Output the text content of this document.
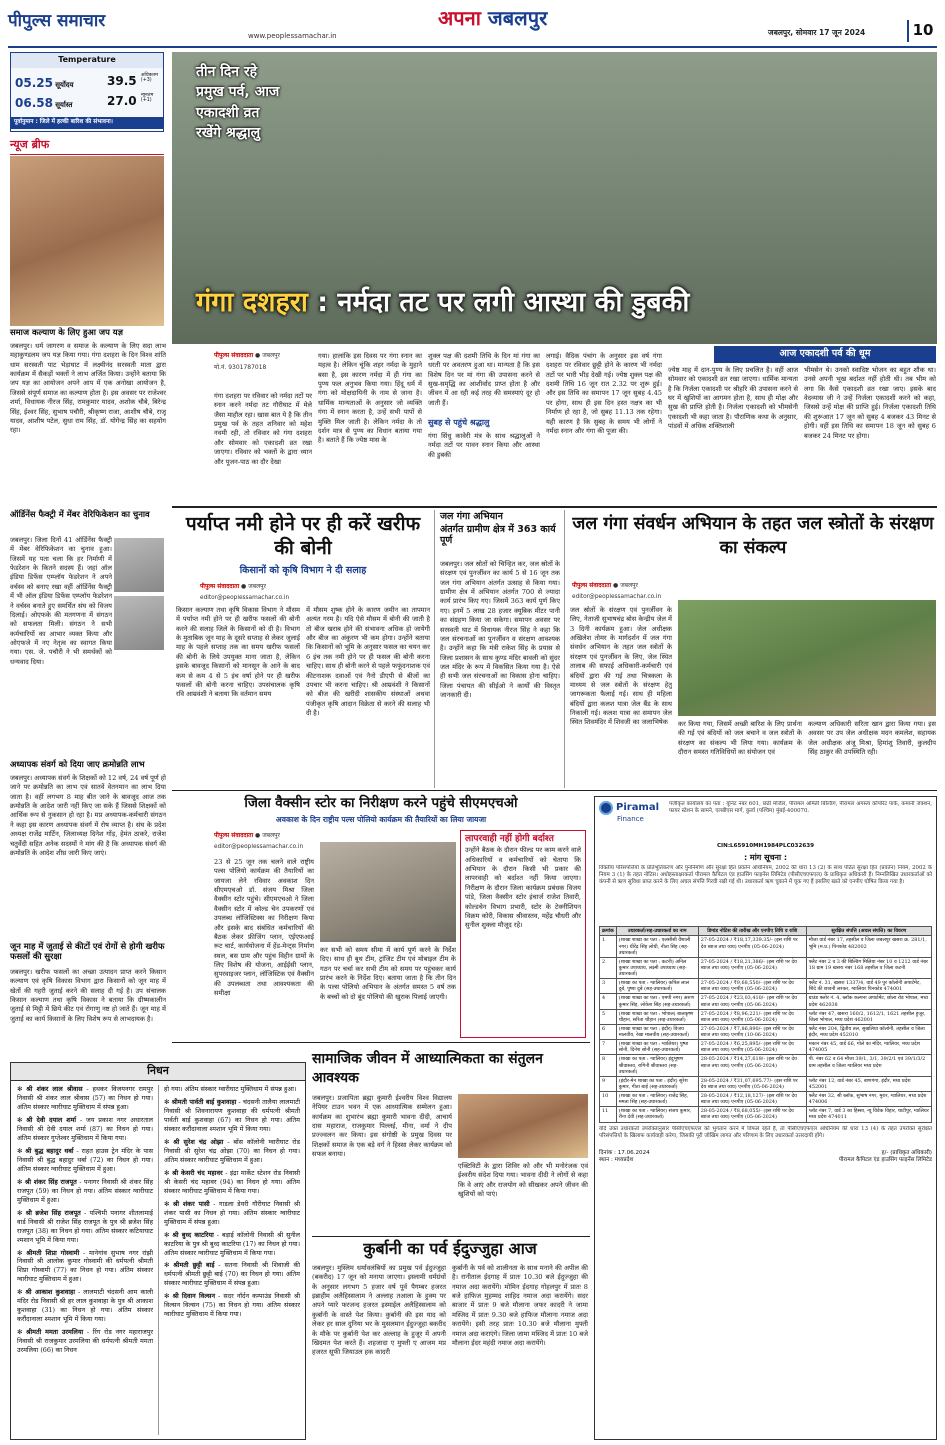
पीपुल्स समाचार
www.peoplessamachar.in
अपना जबलपुर
जबलपुर, सोमवार 17 जून 2024	10
Temperature
05.25 सूर्योदय
06.58 सूर्यास्त
39.5 अधिकतम
(+3)
27.0 न्यूनतम
(+1)
पूर्वानुमान : जिले में हल्की बारिश की संभावना।
न्यूज ब्रीफ
समाज कल्याण के लिए हुआ जप यज्ञ
जबलपुर। धर्म जागरण व समाज के कल्याण के लिए सदा लाभ महाकुण्डलम जप यज्ञ किया गया। गंगा दशहरा के दिन विश्व शांति धाम सरस्वती पाट भेड़ाघाट में लक्ष्मीनंद सरस्वती माता द्वारा कार्यक्रम में सैकड़ों भक्तों ने लाभ अर्जित किया। उन्होंने बताया कि जप यज्ञ का आयोजन अपने आप में एक अनोखा आयोजन है, जिससे संपूर्ण समाज का कल्याण होता है। इस अवसर पर राजेश्वर शर्मा, विधायक नीरज सिंह, रामकुमार यादव, अशोक चौबे, बिरेन्द्र सिंह, ईश्वर सिंह, सुभाष पचौरी, श्रीकृष्ण राजा, आशीष चौबे, राजू यादव, आशीष पटेल, सुधा राम सिंह, डॉ. योगेन्द्र सिंह का सहयोग रहा।
ऑर्डिनेंस फैक्ट्री में मेंबर वेरिफिकेशन का चुनाव
जबलपुर। जिला दिनों 41 ऑर्डिनेंस फैक्ट्री में मेंबर वेरिफिकेशन का चुनाव हुआ। जिसमें यह पता चला कि हर निर्माणी में फेडरेशन के कितने सदस्य हैं। जहां ऑल इंडिया डिफेंस एम्प्लॉय फेडरेशन ने अपने वर्चस्व को बनाए रखा वहीं ऑर्डिनेंस फैक्ट्री में भी ऑल इंडिया डिफेंस एम्प्लॉय फेडरेशन ने वर्चस्व बनाते हुए समर्थित संघ को विजय दिलाई। ओएफके की मतगणना में संगठन को सफलता मिली। संगठन ने सभी कर्मचारियों का आभार व्यक्त किया और ओएफजे में नए नेतृत्व का स्वागत किया गया। एस. जे. पचौरी ने भी समर्थकों को धन्यवाद दिया।
अध्यापक संवर्ग को दिया जाए क्रमोन्नति लाभ
जबलपुर। अध्यापक संवर्ग के शिक्षकों को 12 वर्ष, 24 वर्ष पूर्ण हो जाने पर क्रमोन्नति का लाभ एवं सातवें वेतनमान का लाभ दिया जाता है। वहीं लगभग 8 माह बीत जाने के बावजूद आज तक क्रमोन्नति के आदेश जारी नहीं किए जा सके हैं जिससे शिक्षकों को आर्थिक रूप से नुकसान हो रहा है। मप्र अध्यापक-कर्मचारी संगठन ने कहा इस कारण अध्यापक संवर्ग में रोष व्याप्त है। संघ के प्रदेश अध्यक्ष राजेंद्र मार्टिन, जिलाध्यक्ष दिनेश गोंड़, हेमंत ठाकरे, राजेश चतुर्वेदी सहित अनेक सदस्यों ने मांग की है कि अध्यापक संवर्ग की क्रमोन्नति के आदेश शीघ्र जारी किए जाएं।
जून माह में जुताई से कीटों एवं रोगों से होगी खरीफ फसलों की सुरक्षा
जबलपुर। खरीफ फसलों का अच्छा उत्पादन प्राप्त करने किसान कल्याण एवं कृषि विकास विभाग द्वारा किसानों को जून माह में खेतों की गहरी जुताई करने की सलाह दी गई है। उप संचालक किसान कल्याण तथा कृषि विकास ने बताया कि ग्रीष्मकालीन जुताई से मिट्टी में छिपे कीट एवं रोगाणु नष्ट हो जाते हैं। जून माह में जुताई का कार्य किसानों के लिए विशेष रूप से लाभदायक है।
तीन दिन रहे प्रमुख पर्व, आज एकादशी व्रत रखेंगे श्रद्धालु
गंगा दशहरा : नर्मदा तट पर लगी आस्था की डुबकी
पीपुल्स संवाददाता ● जबलपुर
मो.नं. 9301787018
गंगा दशहरा पर रविवार को नर्मदा तटों पर स्नान करने नर्मदा तट गौरीघाट में मेले जैसा माहौल रहा। खास बात ये है कि तीन प्रमुख पर्व के तहत शनिवार को महेश नवमी रही, तो रविवार को गंगा दशहरा और सोमवार को एकादशी व्रत रखा जाएगा। रविवार को भक्तों के द्वारा ध्यान और पूजन-पाठ का दौर देखा
गया। हालांकि इस दिवस पर गंगा स्नान का महत्व है। लेकिन चूंकि शहर नर्मदा के मुहाने बसा है, इस कारण नर्मदा में ही गंगा का पुण्य फल अनुभव किया गया। हिंदू धर्म में गंगा को मोक्षदायिनी के नाम से जाना है। धार्मिक मान्यताओं के अनुसार जो व्यक्ति गंगा में स्नान करता है, उन्हें सभी पापों से मुक्ति मिल जाती है। लेकिन नर्मदा के तो दर्शन मात्र से पुण्य का विधान बताया गया है। बताते हैं कि ज्येष्ठ मास के
शुक्ल पक्ष की दशमी तिथि के दिन मां गंगा का धरती पर अवतरण हुआ था। मान्यता है कि इस विशेष दिन पर मां गंगा की उपासना करने से सुख-समृद्धि का आशीर्वाद प्राप्त होता है और जीवन में आ रही कई तरह की समस्याएं दूर हो जाती हैं।
सुबह से पहुंचे श्रद्धालु
गंगा सिंधु कावेरी मंत्र के साथ श्रद्धालुओं ने नर्मदा तटों पर पावन स्नान किया और आस्था की डुबकी
लगाई। वैदिक पंचांग के अनुसार इस वर्ष गंगा दशहरा पर रविवार छुट्टी होने के कारण भी नर्मदा तटों पर भारी भीड़ देखी गई। ज्येष्ठ शुक्ल पक्ष की दशमी तिथि 16 जून रात 2.32 पर शुरू हुई। और इस तिथि का समापन 17 जून सुबह 4.45 पर होगा, साथ ही इस दिन हस्त नक्षत्र का भी निर्माण हो रहा है, जो सुबह 11.13 तक रहेगा। यही कारण है कि सुबह के समय भी लोगों ने नर्मदा स्नान और गंगा की पूजा की।
आज एकादशी पर्व की धूम
ज्येष्ठ माह में दान-पुण्य के लिए प्रचलित है। वहीं आज सोमवार को एकादशी व्रत रखा जाएगा। धार्मिक मान्यता है कि निर्जला एकादशी पर श्रीहरि की उपासना करने से घर में खुशियों का आगमन होता है, साथ ही मोक्ष और सुख की प्राप्ति होती है। निर्जला एकादशी को भीमसेनी एकादशी भी कहा जाता है। पौराणिक कथा के अनुसार, पांडवों में अधिक शक्तिशाली
भीमसेन थे। उनको स्वादिष्ट भोजन का बहुत शौक था। उनसे अपनी भूख बर्दाश्त नहीं होती थी। तब भीम को लगा कि कैसे एकादशी व्रत रखा जाए। इसके बाद वेदव्यास जी ने उन्हें निर्जला एकादशी करने को कहा, जिससे उन्हें मोक्ष की प्राप्ति हुई। निर्जला एकादशी तिथि की शुरूआत 17 जून को सुबह 4 बजकर 43 मिनट से होगी। वहीं इस तिथि का समापन 18 जून को सुबह 6 बजकर 24 मिनट पर होगा।
पर्याप्त नमी होने पर ही करें खरीफ की बोनी
किसानों को कृषि विभाग ने दी सलाह
पीपुल्स संवाददाता ● जबलपुर
editor@peoplessamachar.co.in
किसान कल्याण तथा कृषि विकास विभाग ने मौसम में पर्याप्त नमी होने पर ही खरीफ फसलों की बोनी करने की सलाह जिले के किसानों को दी है। विभाग के मुताबिक जून माह के दूसरे सप्ताह से लेकर जुलाई माह के पहले सप्ताह तक का समय खरीफ फसलों की बोनी के लिये उपयुक्त माना जाता है, लेकिन इसके बावजूद किसानों को मानसून के आने के बाद कम से कम 4 से 5 इंच वर्षा होने पर ही खरीफ फसलों की बोनी करना चाहिए। उपसंचालक कृषि रवि आम्रवंशी ने बताया कि वर्तमान समय
में मौसम शुष्क होने के कारण जमीन का तापमान अत्यंत गरम है। यदि ऐसे मौसम में बोनी की जाती है तो बीज खराब होने की संभावना अधिक हो जायेगी और बीज का अंकुरण भी कम होगा। उन्होंने बताया कि किसानों को भूमि के अनुसार फसल का चयन कर 6 इंच तक नमी होने पर ही फसल की बोनी करना चाहिए। साथ ही बोनी करने से पहले फफूंदनाशक एवं कीटनाशक दवाओं एवं नैनो डीएपी से बीजों का उपचार भी करना चाहिए। श्री आम्रवंशी ने किसानों को बीज की खरीदी शासकीय संस्थाओं अथवा पंजीकृत कृषि आदान विक्रेता से करने की सलाह भी दी है।
जल गंगा अभियान
अंतर्गत ग्रामीण क्षेत्र में 363 कार्य पूर्ण
जबलपुर। जल स्रोतों को चिन्हित कर, जल स्रोतों के संरक्षण एवं पुनर्जीवन का कार्य 5 से 16 जून तक जल गंगा अभियान अंतर्गत उत्साह से किया गया। ग्रामीण क्षेत्र में अभियान अंतर्गत 700 से ज्यादा कार्य प्रारंभ किए गए। जिसमें 363 कार्य पूर्ण किए गए। इनमें 5 लाख 28 हजार क्यूबिक मीटर पानी का संग्रहण किया जा सकेगा। समापन अवसर पर सरस्वती घाट में विधायक नीरज सिंह ने कहा कि जल संरचनाओं का पुनर्जीवन व संरक्षण आवश्यक है। उन्होंने कहा कि मंत्री राकेश सिंह के प्रयास से जिला प्रशासन के साथ कुण्ड मंदिर बावली को सुंदर जल मंदिर के रूप में विकसित किया गया है। ऐसे ही सभी जल संरचनाओं का विकास होना चाहिए। जिला पंचायत की सीईओ ने कार्यों की विस्तृत जानकारी दी।
जल गंगा संवर्धन अभियान के तहत जल स्त्रोतों के संरक्षण का संकल्प
पीपुल्स संवाददाता ● जबलपुर
editor@peoplessamachar.co.in
जल स्रोतों के संरक्षण एवं पुनर्जीवन के लिए, नेताजी सुभाषचंद्र बोस केन्द्रीय जेल में 3 दिनी कार्यक्रम हुआ। जेल अधीक्षक अखिलेश तोमर के मार्गदर्शन में जल गंगा संवर्धन अभियान के तहत जल स्त्रोतों के संरक्षण एवं पुनर्जीवन के लिए, जेल स्थित तालाब की सफाई अधिकारी-कर्मचारी एवं बंदियों द्वारा की गई तथा चित्रकला के माध्यम से जल स्त्रोतों के संरक्षण हेतु जागरूकता फैलाई गई। साथ ही महिला बंदियों द्वारा कलश यात्रा जेल बैंड के साथ निकाली गई। कलश यात्रा का समापन जेल स्थित शिवमंदिर में शिवजी का जलाभिषेक	कर किया गया, जिसमें अच्छी बारिश के लिए प्रार्थना की गई एवं बंदियों को जल बचाने व जल स्त्रोतों के संरक्षण का संकल्प भी लिया गया। कार्यक्रम के दौरान समस्त गतिविधियों का संयोजन एवं
कल्याण अधिकारी सरिता खान द्वारा किया गया। इस अवसर पर उप जेल अधीक्षक मदन कमलेश, सहायक जेल अधीक्षक अंजू मिश्रा, हिमांशु तिवारी, कुलदीप सिंह ठाकुर की उपस्थिति रही।
जिला वैक्सीन स्टोर का निरीक्षण करने पहुंचे सीएमएचओ
अवकाश के दिन राष्ट्रीय पल्स पोलियो कार्यक्रम की तैयारियों का लिया जायजा
पीपुल्स संवाददाता ● जबलपुर
editor@peoplessamachar.co.in
23 से 25 जून तक चलने वाले राष्ट्रीय पल्स पोलियो कार्यक्रम की तैयारियों का जायजा लेने रविवार अवकाश दिन सीएमएचओ डॉ. संजय मिश्रा जिला वैक्सीन स्टोर पहुंचे। सीएमएचओ ने जिला वैक्सीन स्टोर में कोल्ड चेन उपकरणों एवं उपलब्ध लॉजिस्टिक्स का निरीक्षण किया और इसके बाद संबंधित कर्मचारियों की बैठक लेकर फ्रीजिंग प्लान, एईएफआई रूट चार्ट, कार्ययोजना में हेंड-मेन्ट्स निर्माण स्थल, बस ग्राम और पहुंच विहीन ग्रामों के लिए विशेष की योजना, आईईसी प्लान, सुपरवाइजर प्लान, लॉजिस्टिक एवं वैक्सीन की उपलब्धता तथा आवश्यकता की समीक्षा
कर सभी को समय सीमा में कार्य पूर्ण करने के निर्देश दिए। साथ ही बूथ टीम, ट्रांजिट टीम एवं मोबाइल टीम के गठन पर चर्चा कर सभी टीम को समय पर पहुंचकर कार्य प्रारंभ करने के निर्देश दिए। बताया जाता है कि तीन दिन के पल्स पोलियो अभियान के अंतर्गत समस्त 5 वर्ष तक के बच्चों को दो बूंद पोलियो की खुराक पिलाई जाएगी।
लापरवाही नहीं होगी बर्दाश्त
उन्होंने बैठक के दौरान फील्ड पर काम करने वाले अधिकारियों व कर्मचारियों को चेताया कि अभियान के दौरान किसी भी प्रकार की लापरवाही को बर्दाश्त नहीं किया जाएगा। निरीक्षण के दौरान जिला कार्यक्रम प्रबंधक विजय पांडे, जिला वैक्सीन स्टोर इंचार्ज राजेश तिवारी, कोल्डचेन विभाग प्रभारी, स्टोर के टेक्नीशियन विक्रम कोरी, विकास श्रीवास्तव, महेंद्र चौधरी और सुनील शुक्ला मौजूद रहे।
निधन
✻ श्री शंकर लाल श्रीवास - हथकर विजयनगर रामपुर निवासी श्री शंकर लाल श्रीवास (57) का निधन हो गया। अंतिम संस्कार ग्वारीघाट मुक्तिधाम में संपन्न हुआ।
✻ श्री देवी दयाल शर्मा - जय प्रकाश नगर अधारताल निवासी श्री देवी दयाल शर्मा (87) का निधन हो गया। अंतिम संस्कार गुप्तेश्वर मुक्तिधाम में किया गया।
✻ श्री बुद्ध बहादुर थर्बा - राहत हाउस ट्रेन मंदिर के पास निवासी श्री बुद्ध बहादुर थर्बा (72) का निधन हो गया। अंतिम संस्कार ग्वारीघाट मुक्तिधाम में हुआ।
✻ श्री शंकर सिंह राजपूत - पनागर निवासी श्री शंकर सिंह राजपूत (59) का निधन हो गया। अंतिम संस्कार ग्वारीघाट मुक्तिधाम में हुआ।
✻ श्री ब्रजेश सिंह राजपूत - पश्चिमी पनागर शीतलामाई वार्ड निवासी श्री राजेश सिंह राजपूत के पुत्र श्री ब्रजेश सिंह राजपूत (38) का निधन हो गया। अंतिम संस्कार कटियाघाट श्मशान भूमि में किया गया।
✻ श्रीमती शिप्रा गोस्वामी - मानेगांव सुभाष नगर रांझी निवासी श्री आलोक कुमार गोस्वामी की धर्मपत्नी श्रीमती शिप्रा गोस्वामी (77) का निधन हो गया। अंतिम संस्कार ग्वारीघाट मुक्तिधाम में हुआ।
✻ श्री आकाश कुशवाहा - लालमाटी चंदसनी आम काली मंदिर रोड निवासी श्री हर लाल कुशवाहा के पुत्र श्री आकाश कुशवाहा (31) का निधन हो गया। अंतिम संस्कार करौंदानाला श्मशान भूमि में किया गया।
✻ श्रीमती ममता उरमलिया - रिंग रोड नगर महाराजपुर निवासी श्री राजकुमार उरमलिया की धर्मपत्नी श्रीमती ममता उरमलिया (66) का निधन
हो गया। अंतिम संस्कार ग्वारीघाट मुक्तिधाम में संपन्न हुआ।
✻ श्रीमती पार्वती बाई कुशवाहा - चंदसनी तालैया लालमाटी निवासी श्री शिवनारायण कुशवाहा की धर्मपत्नी श्रीमती पार्वती बाई कुशवाहा (67) का निधन हो गया। अंतिम संस्कार करौंदानाला श्मशान भूमि में किया गया।
✻ श्री सुरेश चंद्र ओझा - बाँस कॉलोनी ग्वारीघाट रोड निवासी श्री सुरेश चंद्र ओझा (70) का निधन हो गया। अंतिम संस्कार ग्वारीघाट मुक्तिधाम में हुआ।
✻ श्री केसरी चंद महावर - इंद्रा मार्केट स्टेशन रोड निवासी श्री केसरी चंद महावर (94) का निधन हो गया। अंतिम संस्कार ग्वारीघाट मुक्तिधाम में किया गया।
✻ श्री शंकर पासी - गाडला डेयरी गौरीघाट निवासी श्री शंकर पासी का निधन हो गया। अंतिम संस्कार ग्वारीघाट मुक्तिधाम में संपन्न हुआ।
✻ श्री बुध्द काटरिया - बड़ाई कॉलोनी निवासी श्री सुनील काटरिया के पुत्र श्री बुध्द काटरिया (17) का निधन हो गया। अंतिम संस्कार ग्वारीघाट मुक्तिधाम में किया गया।
✻ श्रीमती छुट्टी बाई - सतना निवासी श्री शिवाजी की धर्मपत्नी श्रीमती छुट्टी बाई (70) का निधन हो गया। अंतिम संस्कार ग्वारीघाट मुक्तिधाम में संपन्न हुआ।
✻ श्री दिवान विल्सन - सदर नॉर्दन कम्पाउंड निवासी श्री विल्सन विल्सन (75) का निधन हो गया। अंतिम संस्कार ग्वारीघाट मुक्तिधाम में किया गया।
सामाजिक जीवन में आध्यात्मिकता का संतुलन आवश्यक
जबलपुर। प्रजापिता ब्रह्मा कुमारी ईश्वरीय विश्व विद्यालय नेपियर टाउन भवन में एक आध्यात्मिक सम्मेलन हुआ। कार्यक्रम का शुभारंभ ब्रह्मा कुमारी भावना दीदी, आचार्य दास महाराज, राजकुमार पिल्लई, मीना, वर्मा ने दीप प्रज्ज्वलन कर किया। इस संगोष्ठी के प्रमुख दिवस पर शिक्षकों समाज के एक बड़े वर्ग ने हिस्सा लेकर कार्यक्रम को सफल बनाया।
एक्टिविटी के द्वारा शिविर को और भी मनोरंजक एवं ईश्वरीय संदेश दिया गया। भावना दीदी ने लोगों से कहा कि वे आएं और राजयोग को सीखकर अपने जीवन की खुशियों को पाएं।
कुर्बानी का पर्व ईदुज्जुहा आज
जबलपुर। मुस्लिम धर्मावलंबियों का प्रमुख पर्व ईदुज्जुहा (बकरीद) 17 जून को मनाया जाएगा। इस्लामी धर्मग्रंथों के अनुसार लगभग 5 हजार वर्ष पूर्व पैगम्बर हजरत इब्राहीम अलैहिस्सलाम ने अल्लाह तआला के हुक्म पर अपने प्यारे फरजन्द हजरत इस्माईल अलैहिस्सलाम को कुर्बानी के वास्ते पेश किया। कुर्बानी की इस याद को लेकर हर साल दुनिया भर के मुसलमान ईदुज्जुहा बकरीद के मौके पर कुर्बानी पेश कर अल्लाह के हुजूर में अपनी खिदमत पेश करते हैं। शहजादा ए मुफ्ती ए आजम मप्र हजरत सूफी जियाउल हक कादरी
कुर्बानी के पर्व को शालीनता के साथ मनाने की अपील की है। रानीताल ईदगाह में प्रातः 10.30 बजे ईदुज्जुहा की नमाज अदा करायेंगे। मोमिन ईदगाह गोहलपुर में प्रातः 8 बजे हाफिज मुहम्मद शाहिद नमाज अदा करायेंगे। सदर बाजार में प्रातः 9 बजे मौलाना जफर कादरी ने जामा मस्जिद में प्रातः 9.30 बजे हाफिज मौलाना नमाज अदा करायेंगे। इसी तरह प्रातः 10.30 बजे मौलाना मुफ्ती नमाज अदा कराएंगे। जिला जामा मस्जिद में प्रातः 10 बजे मौलाना ईदर महंदी नमाज अदा करायेंगे।
Piramal
Finance
पंजीकृत कार्यालय का पता : यूनिट नंबर 601, छठी मंजिल, पीरामल अमिती बिल्डिंग, पीरामल अगस्त्य कॉर्पोरेट पार्क, कमानी जंक्शन, फायर स्टेशन के सामने, एलबीएस मार्ग, कुर्ला (पश्चिम) मुंबई-400070.
CIN:L65910MH1984PLC032639
: मांग सूचना :
विक्तीय परिसंपत्तियों के प्रतिभूतिकरण और पुनर्निर्माण और सुरक्षा हित प्रवर्तन अधिनियम, 2002 की धारा 13 (2) के साथ पठित सुरक्षा हित (प्रवर्तन) नियम, 2002 के नियम 3 (1) के तहत नोटिस। अधोहस्ताक्षरकर्ता पीरामल कैपिटल एंड हाउसिंग फाइनेंस लिमिटेड (पीसीएचएफएल) के प्राधिकृत अधिकारी हैं। निम्नलिखित उधारकर्ताओं को कंपनी से ऋण सुविधा प्राप्त करने के लिए अचल संपत्ति गिरवी रखी गई थी। उधारकर्ता ऋण चुकाने में चूक गए हैं इसलिए खाते को एनपीए घोषित किया गया है।
क्रमांक	उधारकर्ता/सह-उधारकर्ता का नाम	डिमांड नोटिस की तारीख और एनपीए तिथि व राशि	सुरक्षित संपत्ति (अचल संपत्ति) का विवरण
1	(शाखा शाखा का पता : एलसीसी वैशाली नगर) धीरेंद्र सिंह लोधी, नीता सिंह (सह-उधारकर्ता)	27-05-2024 / ₹18,17,339.35/- (इस राशि पर देय ब्याज तथा व्यय) एनपीए (05-06-2024)	मौजा वार्ड नंबर 17, तहसील व जिला जबलपुर खसरा क्र. 281/1, भूमि (म.प्र.) पिनकोड 482002
2	(शाखा शाखा का पता : कटनी) अनिल कुमार उपाध्याय, लक्ष्मी उपाध्याय (सह-उधारकर्ता)	27-05-2024 / ₹18,21,386/- (इस राशि पर देय ब्याज तथा व्यय) एनपीए (05-06-2024)	फ्लैट नंबर 2 व 3 की बिल्डिंग मिलिया नंबर 10 व 1212 वार्ड नंबर 18 ग्राम 19 खसरा नंबर 168 तहसील व जिला कटनी
3	(शाखा का पता : ग्वालियर) कपिल लाल दुबे, पुष्पा दुबे (सह-उधारकर्ता)	27-05-2024 / ₹9,68,550/- (इस राशि पर देय ब्याज तथा व्यय) एनपीए (05-06-2024)	फ्लैट नं. 31, खसरा 1337/4, वार्ड 49 पुर कॉलोनी अपार्टमेंट, शिंदे की छावनी लश्कर, ग्वालियर पिनकोड 474001
4	(शाखा शाखा का पता : एमपी नगर) अरुण कुमार सिंह, लोकेश सिंह (सह-उधारकर्ता)	27-05-2024 / ₹23,03,410/- (इस राशि पर देय ब्याज तथा व्यय) एनपीए (05-06-2024)	ग्राउंड फ्लोर नं. 4, ब्लॉक कल्पना अपार्टमेंट, छोला रोड भोपाल, मध्य प्रदेश 462038
5	(शाखा शाखा का पता : भोपाल) बालकृष्ण चौहान, सरिता चौहान (सह-उधारकर्ता)	27-05-2024 / ₹8,96,221/- (इस राशि पर देय ब्याज तथा व्यय) एनपीए (05-06-2024)	प्लॉट नंबर 47, खसरा 160/2, 1612/1, 1621 तहसील हुजूर, जिला भोपाल, मध्य प्रदेश 462001
6	(शाखा शाखा का पता : इंदौर) विजय मालवीय, रेखा मालवीय (सह-उधारकर्ता)	27-05-2024 / ₹7,86,890/- (इस राशि पर देय ब्याज तथा व्यय) एनपीए (10-06-2024)	फ्लैट नंबर 204, द्वितीय तल, सुखलिया कॉलोनी, तहसील व जिला इंदौर, मध्य प्रदेश 452010
7	(शाखा शाखा का पता : ग्वालियर) पुष्पा सोनी, दिनेश सोनी (सह-उधारकर्ता)	27-05-2024 / ₹6,25,895/- (इस राशि पर देय ब्याज तथा व्यय) एनपीए (05-06-2024)	मकान नंबर 45, वार्ड 66, गोले का मंदिर, ग्वालियर, मध्य प्रदेश 474005
8	(शाखा का पता : ग्वालियर) इंदुभूषण श्रीवास्तव, रागिनी श्रीवास्तव (सह-उधारकर्ता)	28-05-2024 / ₹14,27,619/- (इस राशि पर देय ब्याज तथा व्यय) एनपीए (05-06-2024)	पी. नंबर 62 व 64 मौजा 39/1, 3/1, 39/2/1 एवं 39/1/3/2 ग्राम तहसील व जिला ग्वालियर मध्य प्रदेश
9	(इंदौर-मेन शाखा का पता : इंदौर) सुरेश कुमार, गीता बाई (सह-उधारकर्ता)	28-05-2024 / ₹31,07,695.77/- (इस राशि पर देय ब्याज तथा व्यय) एनपीए (05-06-2024)	प्लॉट नंबर 12, वार्ड नंबर 45, बाणगंगा, इंदौर, मध्य प्रदेश 452001
10	(शाखा का पता : ग्वालियर) राजेंद्र सिंह, ममता सिंह (सह-उधारकर्ता)	28-05-2024 / ₹12,18,127/- (इस राशि पर देय ब्याज तथा व्यय) एनपीए (05-06-2024)	फ्लैट नंबर 32, सी ब्लॉक, सुभाष नगर, मुरार, ग्वालियर, मध्य प्रदेश 474006
11	(शाखा का पता : ग्वालियर) संजय कुमार, रीना देवी (सह-उधारकर्ता)	28-05-2024 / ₹8,68,055/- (इस राशि पर देय ब्याज तथा व्यय) एनपीए (05-06-2024)	प्लॉट नंबर 7, वार्ड 3 का हिस्सा, न्यू विवेक विहार, थाटीपुर, ग्वालियर मध्य प्रदेश 474011
यदि उक्त उधारकर्ता उपरोक्तानुसार पीसीएचएफएल को भुगतान करने में विफल रहते हैं, तो पीसीएचएफएल अधिनियम की धारा 13 (4) के तहत उपरोक्त सुरक्षित परिसंपत्तियों के खिलाफ कार्यवाही करेगा, जिसकी पूरी जोखिम लागत और परिणाम के लिए उधारकर्ता उत्तरदायी होंगे।
दिनांक : 17.06.2024
स्थान : मध्यप्रदेश
ह/- (प्राधिकृत अधिकारी)
पीरामल कैपिटल एंड हाउसिंग फाइनेंस लिमिटेड
